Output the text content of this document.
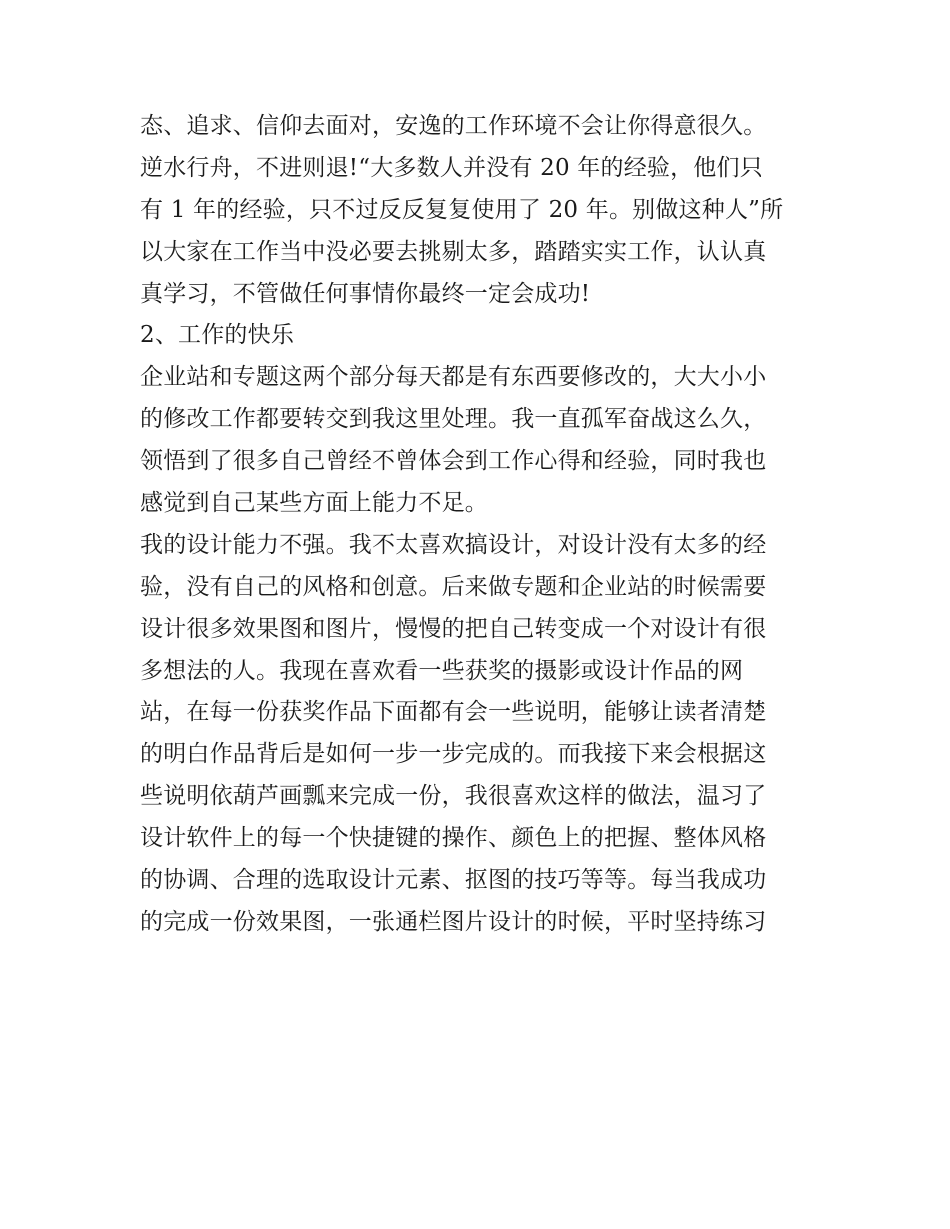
态、追求、信仰去面对，安逸的工作环境不会让你得意很久。
逆水行舟，不进则退!“大多数人并没有 20 年的经验，他们只
有 1 年的经验，只不过反反复复使用了 20 年。别做这种人”所
以大家在工作当中没必要去挑剔太多，踏踏实实工作，认认真
真学习，不管做任何事情你最终一定会成功!
2、工作的快乐
企业站和专题这两个部分每天都是有东西要修改的，大大小小
的修改工作都要转交到我这里处理。我一直孤军奋战这么久，
领悟到了很多自己曾经不曾体会到工作心得和经验，同时我也
感觉到自己某些方面上能力不足。
我的设计能力不强。我不太喜欢搞设计，对设计没有太多的经
验，没有自己的风格和创意。后来做专题和企业站的时候需要
设计很多效果图和图片，慢慢的把自己转变成一个对设计有很
多想法的人。我现在喜欢看一些获奖的摄影或设计作品的网
站，在每一份获奖作品下面都有会一些说明，能够让读者清楚
的明白作品背后是如何一步一步完成的。而我接下来会根据这
些说明依葫芦画瓢来完成一份，我很喜欢这样的做法，温习了
设计软件上的每一个快捷键的操作、颜色上的把握、整体风格
的协调、合理的选取设计元素、抠图的技巧等等。每当我成功
的完成一份效果图，一张通栏图片设计的时候，平时坚持练习
